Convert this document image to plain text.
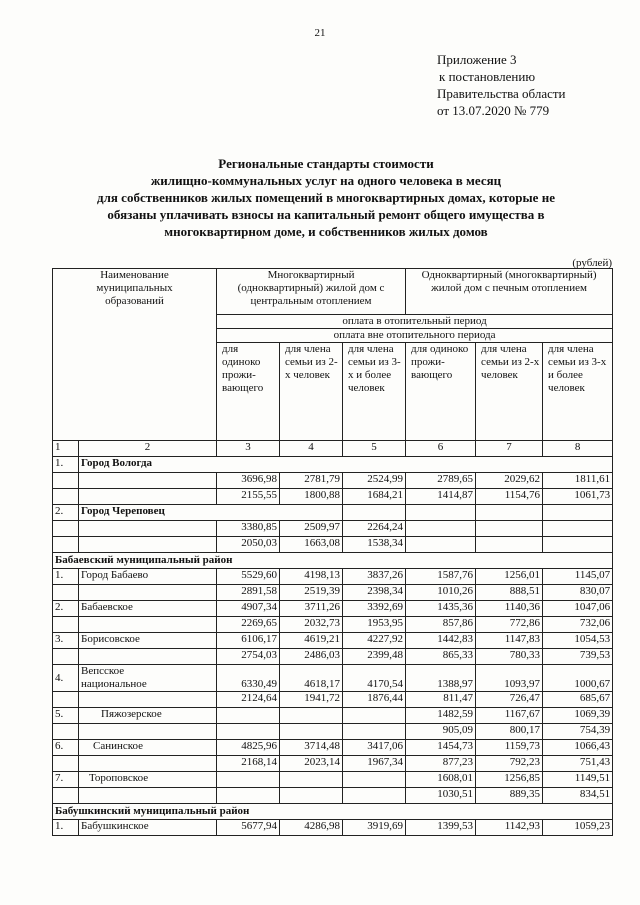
21
Приложение 3
к постановлению
Правительства области
от 13.07.2020 № 779
Региональные стандарты стоимости
жилищно-коммунальных услуг на одного человека в месяц
для собственников жилых помещений в многоквартирных домах, которые не
обязаны уплачивать взносы на капитальный ремонт общего имущества в
многоквартирном доме, и собственников жилых домов
(рублей)
Наименование муниципальных образований		Многоквартирный (одноквартирный) жилой дом с центральным отоплением			Одноквартирный (многоквартирный) жилой дом с печным отоплением		
		оплата в отопительный период					
		оплата вне отопительного периода					
		для одиноко прожи-вающего	для члена семьи из 2-х человек	для члена семьи из 3-х и более человек	для одиноко прожи-вающего	для члена семьи из 2-х человек	для члена семьи из 3-х и более человек
1	2	3	4	5	6	7	8
1.	Город Вологда						
		3696,98	2781,79	2524,99	2789,65	2029,62	1811,61
		2155,55	1800,88	1684,21	1414,87	1154,76	1061,73
2.	Город Череповец						
		3380,85	2509,97	2264,24			
		2050,03	1663,08	1538,34			
Бабаевский муниципальный район							
1.	Город Бабаево	5529,60	4198,13	3837,26	1587,76	1256,01	1145,07
		2891,58	2519,39	2398,34	1010,26	888,51	830,07
2.	Бабаевское	4907,34	3711,26	3392,69	1435,36	1140,36	1047,06
		2269,65	2032,73	1953,95	857,86	772,86	732,06
3.	Борисовское	6106,17	4619,21	4227,92	1442,83	1147,83	1054,53
		2754,03	2486,03	2399,48	865,33	780,33	739,53
4.	Вепсское национальное	6330,49	4618,17	4170,54	1388,97	1093,97	1000,67
		2124,64	1941,72	1876,44	811,47	726,47	685,67
5.	Пяжозерское				1482,59	1167,67	1069,39
					905,09	800,17	754,39
6.	Санинское	4825,96	3714,48	3417,06	1454,73	1159,73	1066,43
		2168,14	2023,14	1967,34	877,23	792,23	751,43
7.	Тороповское				1608,01	1256,85	1149,51
					1030,51	889,35	834,51
Бабушкинский муниципальный район							
1.	Бабушкинское	5677,94	4286,98	3919,69	1399,53	1142,93	1059,23
